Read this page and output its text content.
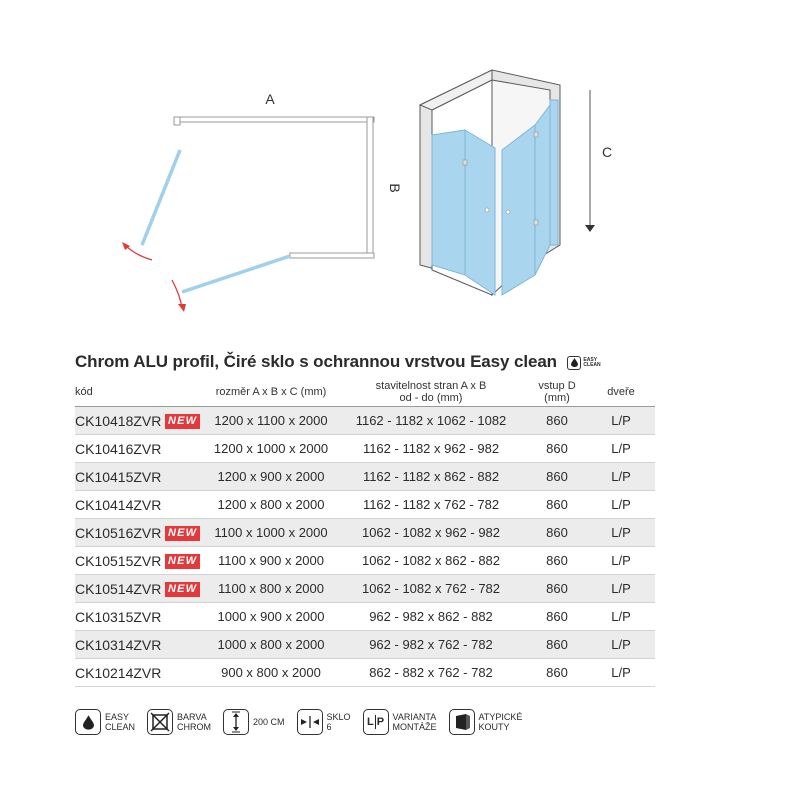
A
B
C
Chrom ALU profil, Čiré sklo s ochrannou vrstvou Easy clean	EASY
CLEAN
kód		rozměr A x B x C (mm)	stavitelnost stran A x B
od - do (mm)	vstup D
(mm)	dveře
CK10418ZVR	NEW	1200 x 1100 x 2000	1162 - 1182 x 1062 - 1082	860	L/P
CK10416ZVR		1200 x 1000 x 2000	1162 - 1182 x 962 - 982	860	L/P
CK10415ZVR		1200 x 900 x 2000	1162 - 1182 x 862 - 882	860	L/P
CK10414ZVR		1200 x 800 x 2000	1162 - 1182 x 762 - 782	860	L/P
CK10516ZVR	NEW	1100 x 1000 x 2000	1062 - 1082 x 962 - 982	860	L/P
CK10515ZVR	NEW	1100 x 900 x 2000	1062 - 1082 x 862 - 882	860	L/P
CK10514ZVR	NEW	1100 x 800 x 2000	1062 - 1082 x 762 - 782	860	L/P
CK10315ZVR		1000 x 900 x 2000	962 - 982 x 862 - 882	860	L/P
CK10314ZVR		1000 x 800 x 2000	962 - 982 x 762 - 782	860	L/P
CK10214ZVR		900 x 800 x 2000	862 - 882 x 762 - 782	860	L/P
EASY
CLEAN
BARVA
CHROM	200 CM	SKLO
6	L P VARIANTA
MONTÁŽE
ATYPICKÉ
KOUTY
